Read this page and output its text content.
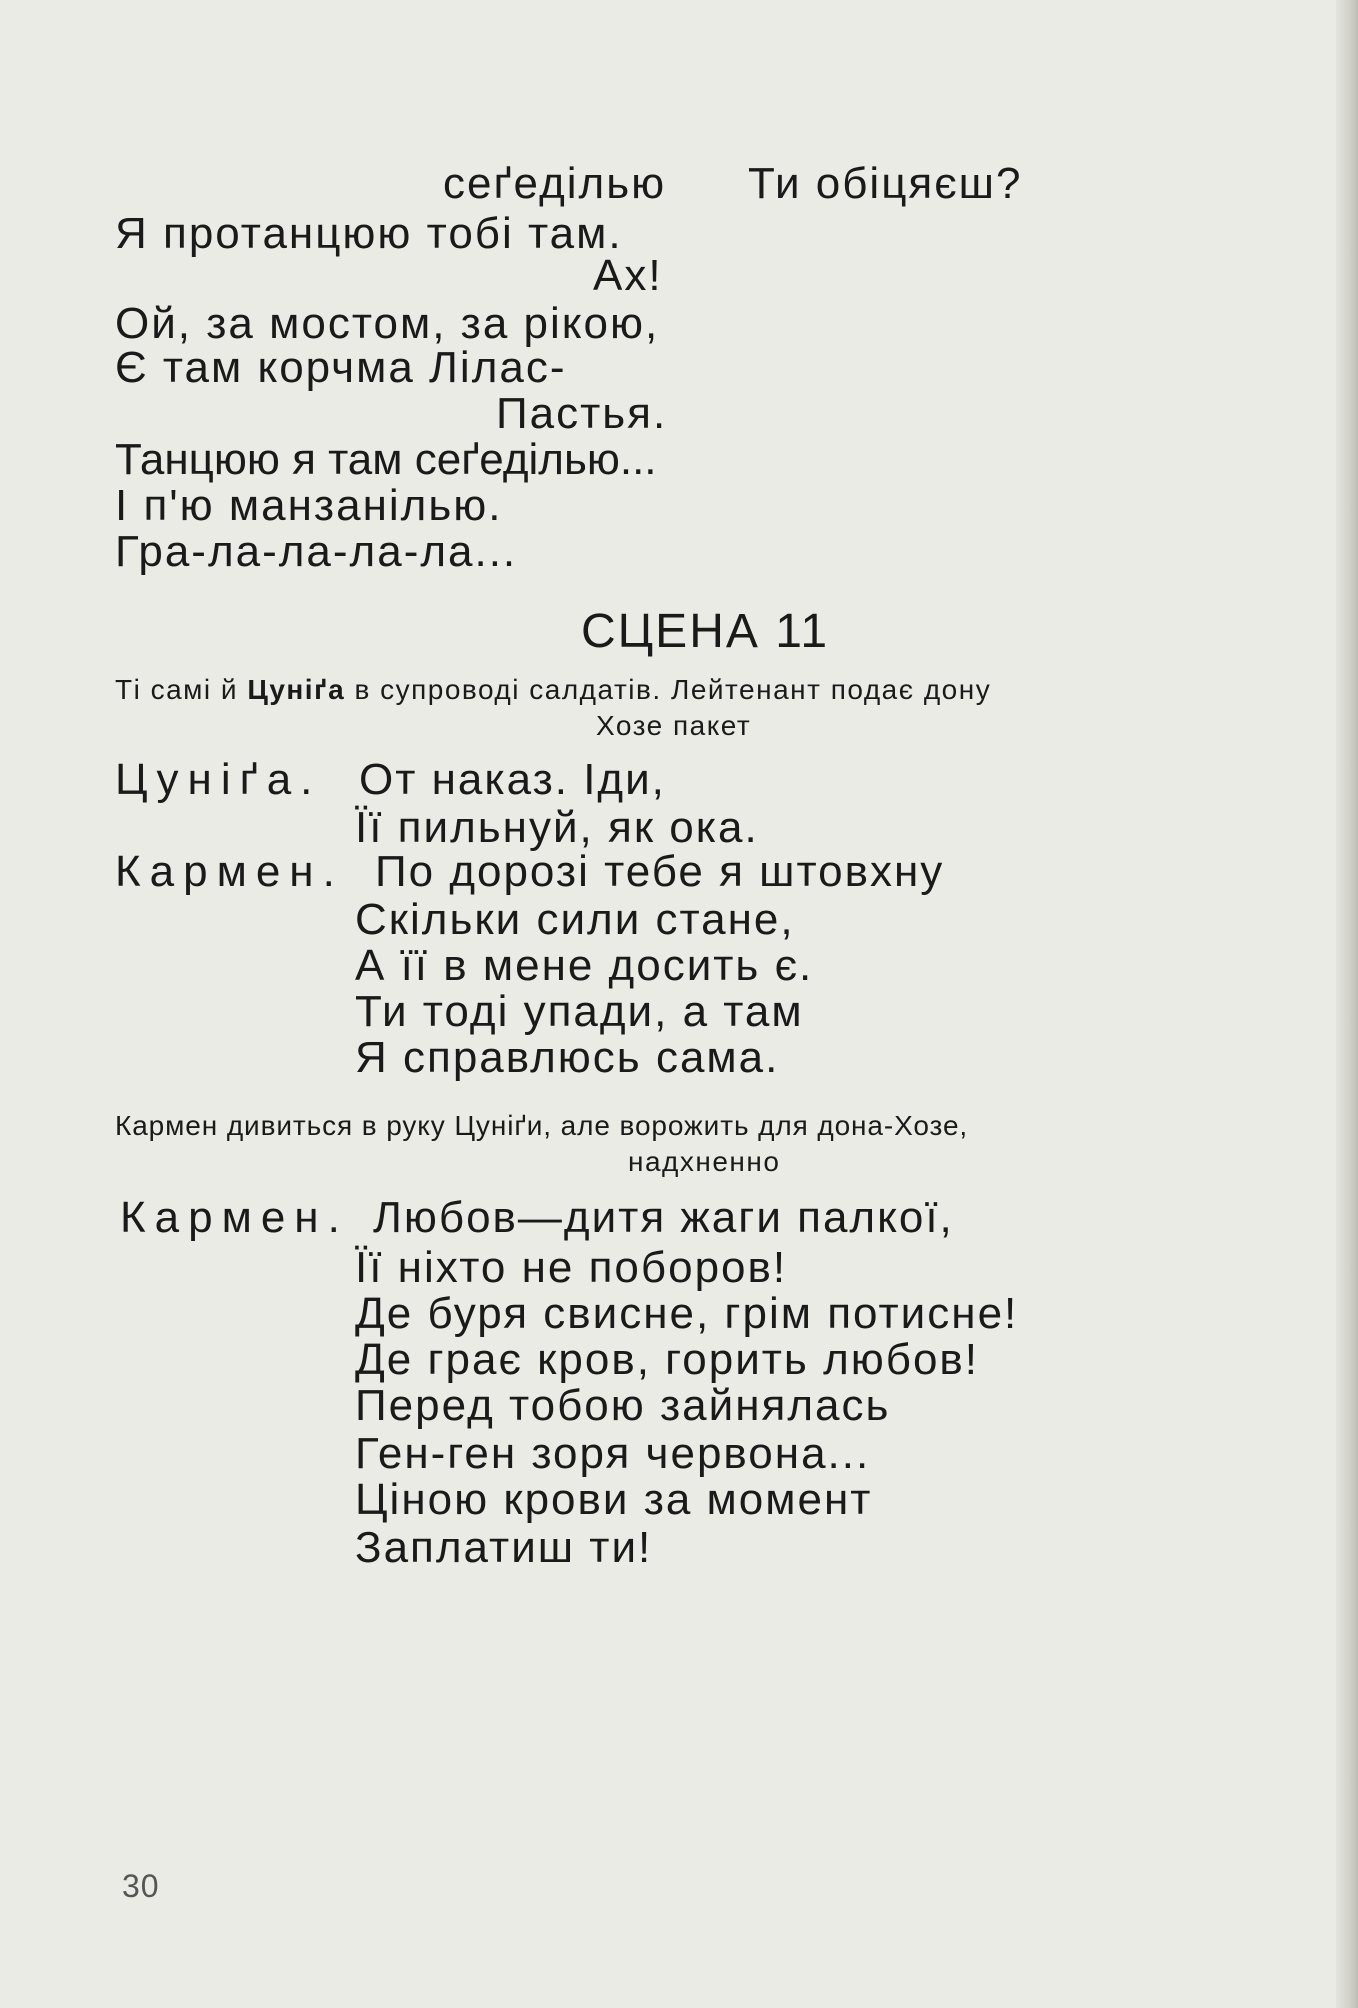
сеґеділью Ти обіцяєш?
Я протанцюю тобі там.
Ах!
Ой, за мостом, за рікою,
Є там корчма Лілас-
Пастья.
Танцюю я там сеґеділью...
І п'ю манзанілью.
Гра-ла-ла-ла-ла...
СЦЕНА 11
Ті самі й Цуніґа в супроводі салдатів. Лейтенант подає дону
Хозе пакет
Цуніґа. От наказ. Іди,
Її пильнуй, як ока.
Кармен. По дорозі тебе я штовхну
Скільки сили стане,
А її в мене досить є.
Ти тоді упади, а там
Я справлюсь сама.
Кармен дивиться в руку Цуніґи, але ворожить для дона-Хозе,
надхненно
Кармен. Любов—дитя жаги палкої,
Її ніхто не поборов!
Де буря свисне, грім потисне!
Де грає кров, горить любов!
Перед тобою зайнялась
Ген-ген зоря червона...
Ціною крови за момент
Заплатиш ти!
30
